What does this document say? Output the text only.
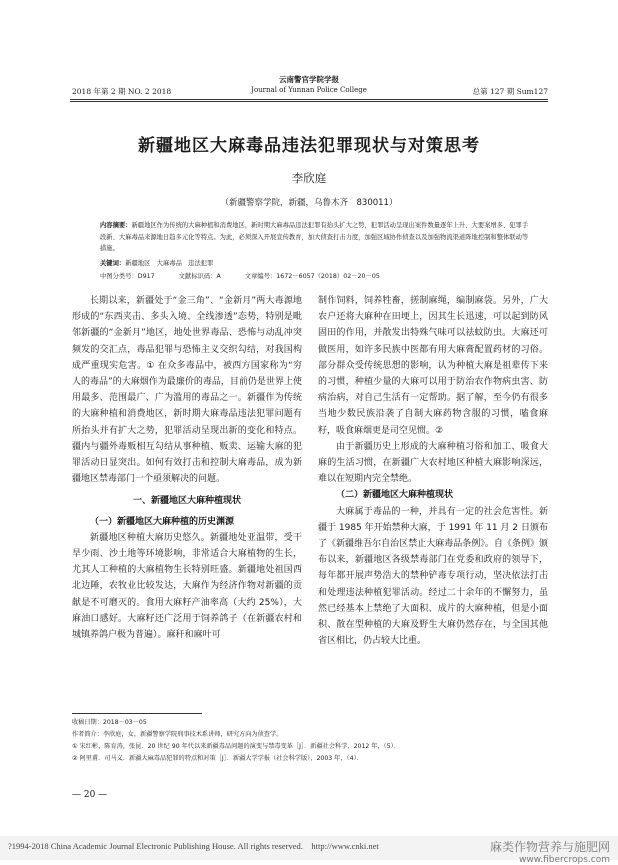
云南警官学院学报
2018 年第 2 期 NO. 2 2018	Journal of Yunnan Police College	总第 127 期 Sum127
新疆地区大麻毒品违法犯罪现状与对策思考
李欣庭
（新疆警察学院，新疆，乌鲁木齐　830011）
内容摘要：新疆地区作为传统的大麻种植和消费地区，新时期大麻毒品违法犯罪有抬头扩大之势，犯罪活动呈现出案件数量逐年上升、大要案增多、犯罪手段新、大麻毒品来源地日趋多元化等特点。为此，必须深入开展宣传教育，加大侦查打击力度，加强区域协作侦查以及加强物流渠道阵地控制和整体联动等措施。
关键词：新疆地区　大麻毒品　违法犯罪
中图分类号：D917	文献标识码：A	文章编号：1672－6057（2018）02－20－05

长期以来，新疆处于“金三角”、“金新月”两大毒源地形成的“东西夹击、多头入境、全线渗透”态势，特别是毗邻新疆的“金新月”地区，地处世界毒品、恐怖与动乱冲突频发的交汇点，毒品犯罪与恐怖主义交织勾结，对我国构成严重现实危害。① 在众多毒品中，被西方国家称为“穷人的毒品”的大麻烟作为最廉价的毒品，目前仍是世界上使用最多、范围最广、广为滥用的毒品之一。新疆作为传统的大麻种植和消费地区，新时期大麻毒品违法犯罪问题有所抬头并有扩大之势，犯罪活动呈现出新的变化和特点。疆内与疆外毒贩相互勾结从事种植、贩卖、运输大麻的犯罪活动日显突出。如何有效打击和控制大麻毒品，成为新疆地区禁毒部门一个亟须解决的问题。

一、新疆地区大麻种植现状

（一）新疆地区大麻种植的历史渊源

新疆地区种植大麻历史悠久。新疆地处亚温带，受干旱少雨、沙土地等环境影响，非常适合大麻植物的生长，尤其人工种植的大麻植物生长特别旺盛。新疆地处祖国西北边陲，农牧业比较发达，大麻作为经济作物对新疆的贡献是不可磨灭的。食用大麻籽产油率高（大约 25%），大麻油口感好。大麻籽还广泛用于饲养鸽子（在新疆农村和城镇养鸽户极为普遍）。麻秆和麻叶可

制作饲料，饲养牲畜，搓制麻绳，编制麻袋。另外，广大农户还将大麻种在田埂上，因其生长迅速，可以起到防风固田的作用，并散发出特殊气味可以祛蚊防虫。大麻还可做医用，如许多民族中医都有用大麻膏配置药材的习俗。部分群众受传统思想的影响，认为种植大麻是祖辈传下来的习惯，种植少量的大麻可以用于防治农作物病虫害、防病治病，对自己生活有一定帮助。据了解，至今仍有很多当地少数民族沿袭了自制大麻药物含服的习惯，嗑食麻籽，吸食麻烟更是司空见惯。②

由于新疆历史上形成的大麻种植习俗和加工、吸食大麻的生活习惯，在新疆广大农村地区种植大麻影响深远，难以在短期内完全禁绝。

（二）新疆地区大麻种植现状

大麻属于毒品的一种，并具有一定的社会危害性。新疆于 1985 年开始禁种大麻，于 1991 年 11 月 2 日颁布了《新疆维吾尔自治区禁止大麻毒品条例》。自《条例》颁布以来，新疆地区各级禁毒部门在党委和政府的领导下，每年都开展声势浩大的禁种铲毒专项行动，坚决依法打击和处理违法种植犯罪活动。经过二十余年的不懈努力，虽然已经基本上禁绝了大面积、成片的大麻种植，但是小面积、散在型种植的大麻及野生大麻仍然存在，与全国其他省区相比，仍占较大比重。

收稿日期：2018－03－05
作者简介：李欣庭，女，新疆警察学院刑事技术系讲师，研究方向为侦查学。
① 宋红彬，陈育涛，张昆．20 世纪 90 年代以来新疆毒品问题的演变与禁毒变革［J］．新疆社会科学，2012 年，（5）．
② 阿里甫．司马义．新疆大麻毒品犯罪的特点和对策［J］．新疆大学学报（社会科学版），2003 年，（4）．
— 20 —
?1994-2018 China Academic Journal Electronic Publishing House. All rights reserved.　http://www.cnki.net	麻类作物营养与施肥网
www.fibercrops.com
